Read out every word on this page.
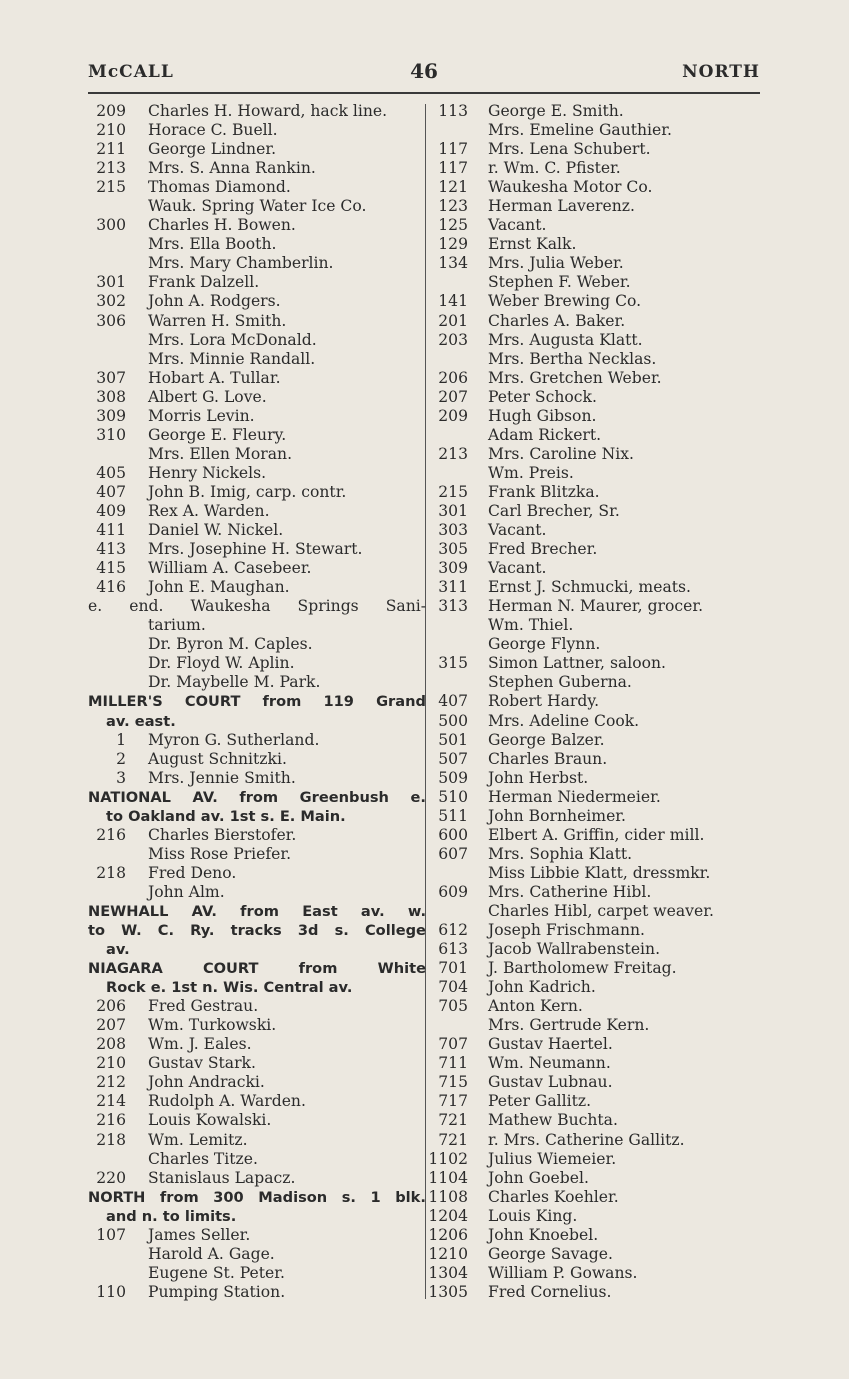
McCALL	46	NORTH
209	Charles H. Howard, hack line.
210	Horace C. Buell.
211	George Lindner.
213	Mrs. S. Anna Rankin.
215	Thomas Diamond.
Wauk. Spring Water Ice Co.
300	Charles H. Bowen.
Mrs. Ella Booth.
Mrs. Mary Chamberlin.
301	Frank Dalzell.
302	John A. Rodgers.
306	Warren H. Smith.
Mrs. Lora McDonald.
Mrs. Minnie Randall.
307	Hobart A. Tullar.
308	Albert G. Love.
309	Morris Levin.
310	George E. Fleury.
Mrs. Ellen Moran.
405	Henry Nickels.
407	John B. Imig, carp. contr.
409	Rex A. Warden.
411	Daniel W. Nickel.
413	Mrs. Josephine H. Stewart.
415	William A. Casebeer.
416	John E. Maughan.
e. end. Waukesha Springs Sani-
tarium.
Dr. Byron M. Caples.
Dr. Floyd W. Aplin.
Dr. Maybelle M. Park.
MILLER'S COURT from 119 Grand
av. east.
1	Myron G. Sutherland.
2	August Schnitzki.
3	Mrs. Jennie Smith.
NATIONAL AV. from Greenbush e.
to Oakland av. 1st s. E. Main.
216	Charles Bierstofer.
Miss Rose Priefer.
218	Fred Deno.
John Alm.
NEWHALL AV. from East av. w.
to W. C. Ry. tracks 3d s. College
av.
NIAGARA	COURT	from	White
Rock e. 1st n. Wis. Central av.
206	Fred Gestrau.
207	Wm. Turkowski.
208	Wm. J. Eales.
210	Gustav Stark.
212	John Andracki.
214	Rudolph A. Warden.
216	Louis Kowalski.
218	Wm. Lemitz.
Charles Titze.
220	Stanislaus Lapacz.
NORTH from 300 Madison s. 1 blk.
and n. to limits.
107	James Seller.
Harold A. Gage.
Eugene St. Peter.
110	Pumping Station.
113	George E. Smith.
Mrs. Emeline Gauthier.
117	Mrs. Lena Schubert.
117	r. Wm. C. Pfister.
121	Waukesha Motor Co.
123	Herman Laverenz.
125	Vacant.
129	Ernst Kalk.
134	Mrs. Julia Weber.
Stephen F. Weber.
141	Weber Brewing Co.
201	Charles A. Baker.
203	Mrs. Augusta Klatt.
Mrs. Bertha Necklas.
206	Mrs. Gretchen Weber.
207	Peter Schock.
209	Hugh Gibson.
Adam Rickert.
213	Mrs. Caroline Nix.
Wm. Preis.
215	Frank Blitzka.
301	Carl Brecher, Sr.
303	Vacant.
305	Fred Brecher.
309	Vacant.
311	Ernst J. Schmucki, meats.
313	Herman N. Maurer, grocer.
Wm. Thiel.
George Flynn.
315	Simon Lattner, saloon.
Stephen Guberna.
407	Robert Hardy.
500	Mrs. Adeline Cook.
501	George Balzer.
507	Charles Braun.
509	John Herbst.
510	Herman Niedermeier.
511	John Bornheimer.
600	Elbert A. Griffin, cider mill.
607	Mrs. Sophia Klatt.
Miss Libbie Klatt, dressmkr.
609	Mrs. Catherine Hibl.
Charles Hibl, carpet weaver.
612	Joseph Frischmann.
613	Jacob Wallrabenstein.
701	J. Bartholomew Freitag.
704	John Kadrich.
705	Anton Kern.
Mrs. Gertrude Kern.
707	Gustav Haertel.
711	Wm. Neumann.
715	Gustav Lubnau.
717	Peter Gallitz.
721	Mathew Buchta.
721	r. Mrs. Catherine Gallitz.
1102	Julius Wiemeier.
1104	John Goebel.
1108	Charles Koehler.
1204	Louis King.
1206	John Knoebel.
1210	George Savage.
1304	William P. Gowans.
1305	Fred Cornelius.
